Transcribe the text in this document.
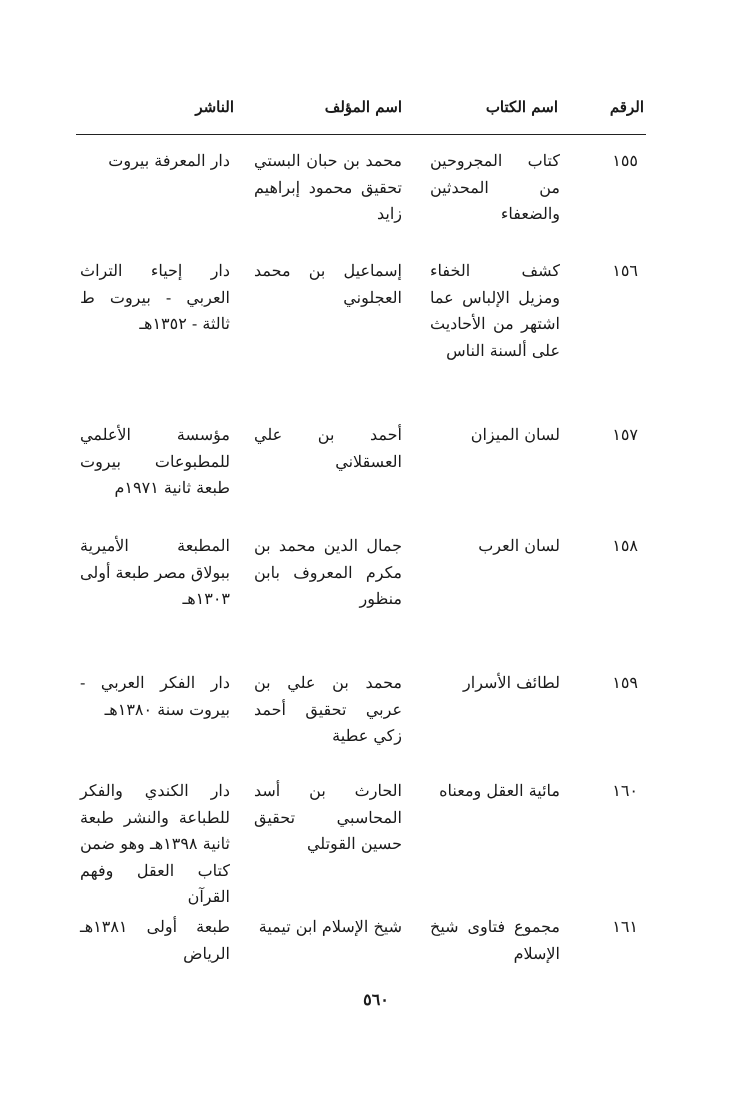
الرقم
اسم الكتاب
اسم المؤلف
الناشر
١٥٥
كتاب المجروحين من المحدثين والضعفاء
محمد بن حبان البستي تحقيق محمود إبراهيم زايد
دار المعرفة بيروت
١٥٦
كشف الخفاء ومزيل الإلباس عما اشتهر من الأحاديث على ألسنة الناس
إسماعيل بن محمد العجلوني
دار إحياء التراث العربي - بيروت ط ثالثة - ١٣٥٢هـ
١٥٧
لسان الميزان
أحمد بن علي العسقلاني
مؤسسة الأعلمي للمطبوعات بيروت طبعة ثانية ١٩٧١م
١٥٨
لسان العرب
جمال الدين محمد بن مكرم المعروف بابن منظور
المطبعة الأميرية ببولاق مصر طبعة أولى ١٣٠٣هـ
١٥٩
لطائف الأسرار
محمد بن علي بن عربي تحقيق أحمد زكي عطية
دار الفكر العربي - بيروت سنة ١٣٨٠هـ
١٦٠
مائية العقل ومعناه
الحارث بن أسد المحاسبي تحقيق حسين القوتلي
دار الكندي والفكر للطباعة والنشر طبعة ثانية ١٣٩٨هـ وهو ضمن كتاب العقل وفهم القرآن
١٦١
مجموع فتاوى شيخ الإسلام
شيخ الإسلام ابن تيمية
طبعة أولى ١٣٨١هـ الرياض
٥٦٠
